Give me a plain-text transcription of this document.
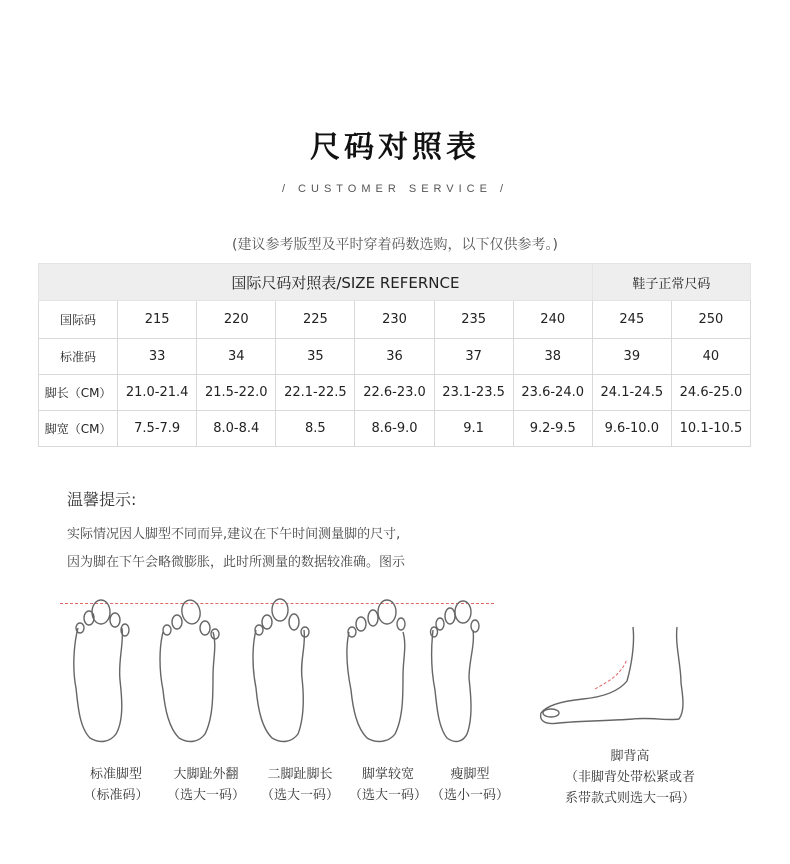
尺码对照表
/ CUSTOMER SERVICE /
(建议参考版型及平时穿着码数选购，以下仅供参考。)
国际尺码对照表/SIZE REFERNCE							鞋子正常尺码	
国际码	215	220	225	230	235	240	245	250
标准码	33	34	35	36	37	38	39	40
脚长（CM）	21.0-21.4	21.5-22.0	22.1-22.5	22.6-23.0	23.1-23.5	23.6-24.0	24.1-24.5	24.6-25.0
脚宽（CM）	7.5-7.9	8.0-8.4	8.5	8.6-9.0	9.1	9.2-9.5	9.6-10.0	10.1-10.5
温馨提示:
实际情况因人脚型不同而异,建议在下午时间测量脚的尺寸,
因为脚在下午会略微膨胀，此时所测量的数据较准确。图示
标准脚型
（标准码）
大脚趾外翻
（选大一码）
二脚趾脚长
（选大一码）
脚掌较宽
（选大一码）
瘦脚型
（选小一码）
脚背高
（非脚背处带松紧或者
系带款式则选大一码）
